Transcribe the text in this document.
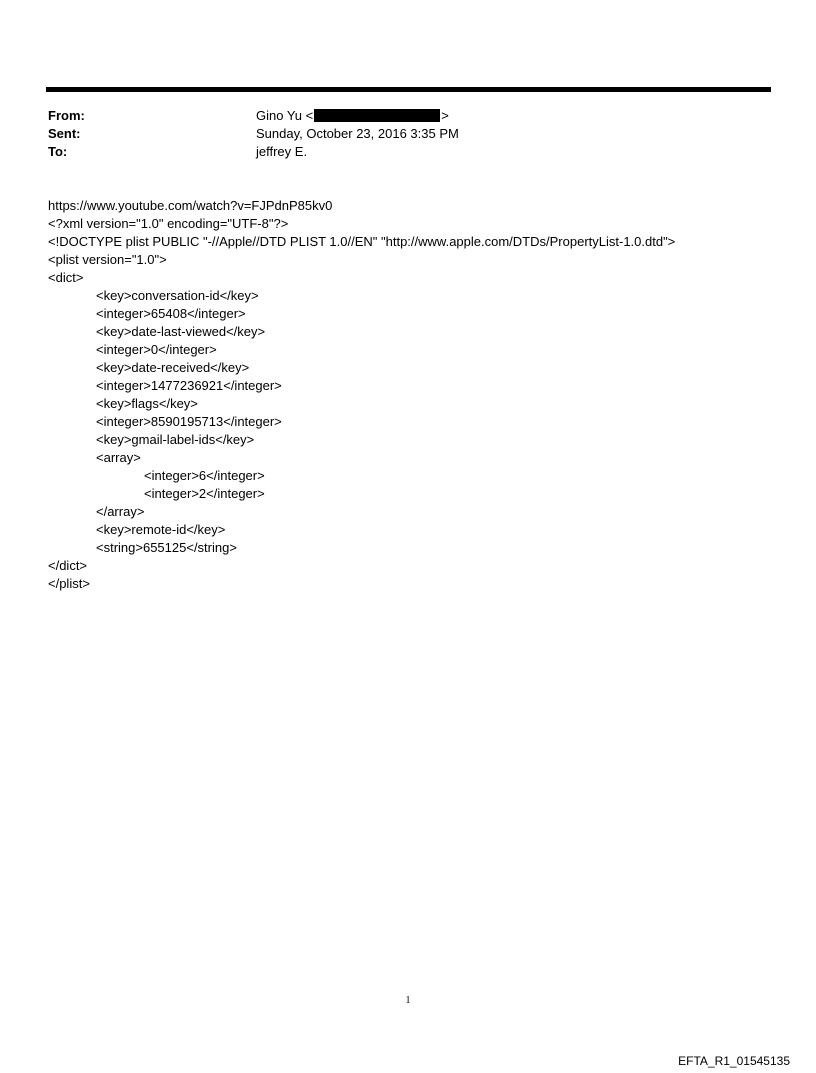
From:	Gino Yu <	>
Sent:	Sunday, October 23, 2016 3:35 PM
To:	jeffrey E.
https://www.youtube.com/watch?v=FJPdnP85kv0
<?xml version="1.0" encoding="UTF-8"?>
<!DOCTYPE plist PUBLIC "-//Apple//DTD PLIST 1.0//EN" "http://www.apple.com/DTDs/PropertyList-1.0.dtd">
<plist version="1.0">
<dict>
<key>conversation-id</key>
<integer>65408</integer>
<key>date-last-viewed</key>
<integer>0</integer>
<key>date-received</key>
<integer>1477236921</integer>
<key>flags</key>
<integer>8590195713</integer>
<key>gmail-label-ids</key>
<array>
<integer>6</integer>
<integer>2</integer>
</array>
<key>remote-id</key>
<string>655125</string>
</dict>
</plist>
1
EFTA_R1_01545135
